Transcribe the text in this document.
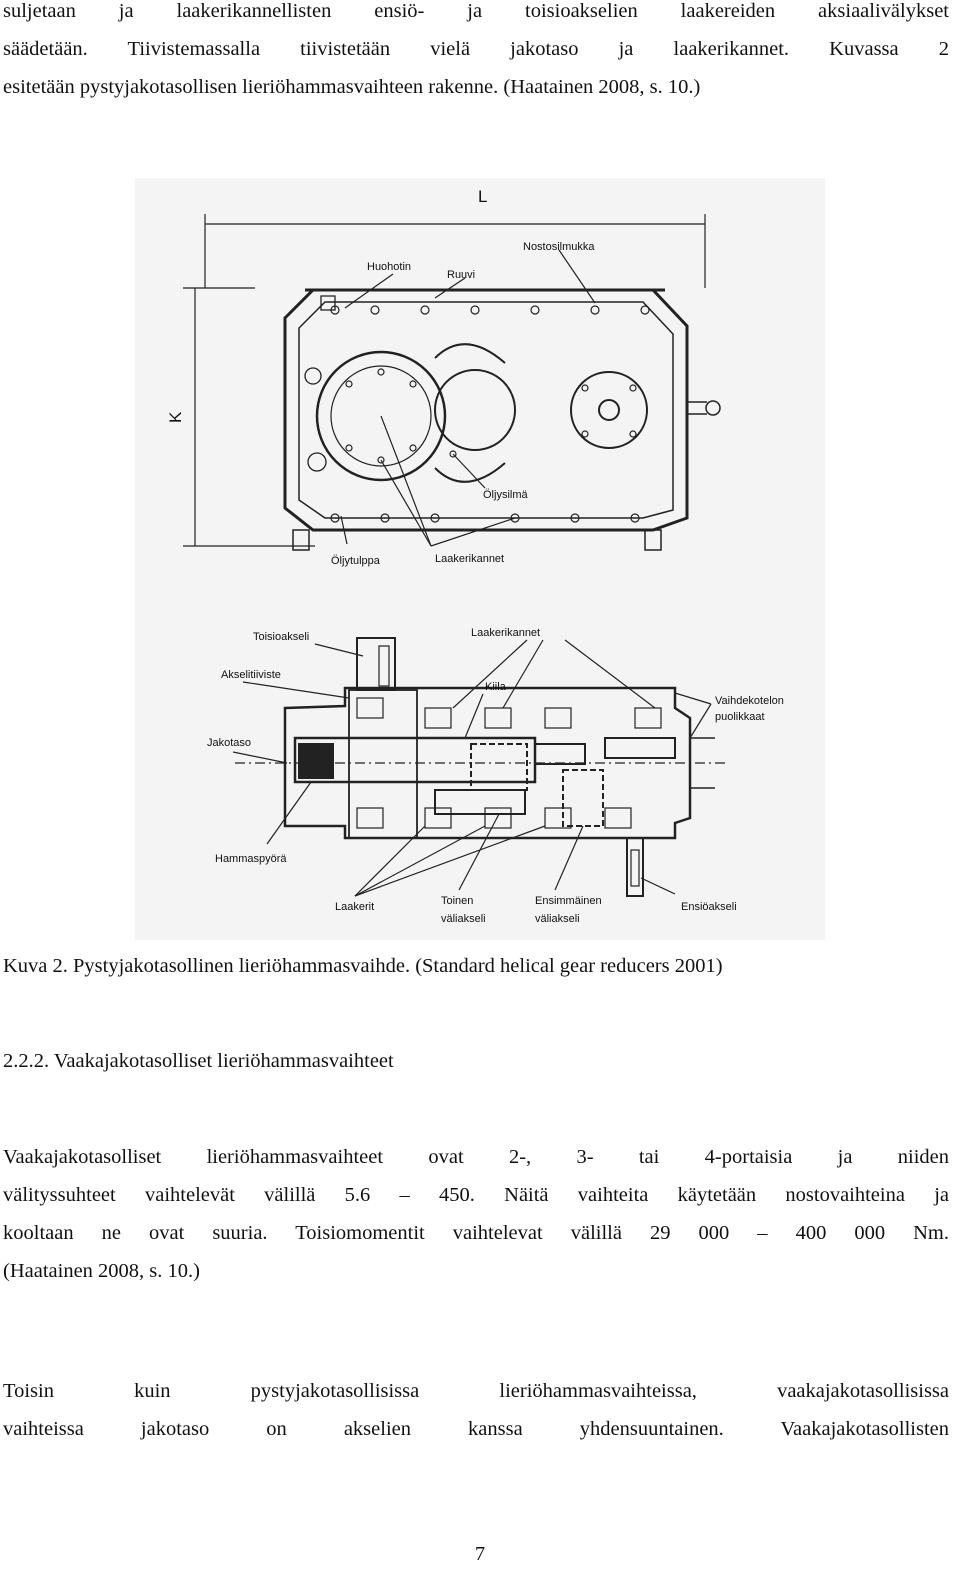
suljetaan ja laakerikannellisten ensiö- ja toisioakselien laakereiden aksiaalivälykset
säädetään. Tiivistemassalla tiivistetään vielä jakotaso ja laakerikannet. Kuvassa 2
esitetään pystyjakotasollisen lieriöhammasvaihteen rakenne. (Haatainen 2008, s. 10.)
L
K
Nostosilmukka
Huohotin
Ruuvi
Öljysilmä
Öljytulppa	Laakerikannet
Toisioakseli	Laakerikannet
Akselitiiviste
Kiila
Vaihdekotelon
puolikkaat
Jakotaso
Hammaspyörä
Laakerit	Toinen
väliakseli
Ensimmäinen
väliakseli
Ensiöakseli
Kuva 2. Pystyjakotasollinen lieriöhammasvaihde. (Standard helical gear reducers 2001)
2.2.2. Vaakajakotasolliset lieriöhammasvaihteet
Vaakajakotasolliset lieriöhammasvaihteet ovat 2-, 3- tai 4-portaisia ja niiden
välityssuhteet vaihtelevät välillä 5.6 – 450. Näitä vaihteita käytetään nostovaihteina ja
kooltaan ne ovat suuria. Toisiomomentit vaihtelevat välillä 29 000 – 400 000 Nm.
(Haatainen 2008, s. 10.)
Toisin kuin pystyjakotasollisissa lieriöhammasvaihteissa, vaakajakotasollisissa
vaihteissa jakotaso on akselien kanssa yhdensuuntainen. Vaakajakotasollisten
7
